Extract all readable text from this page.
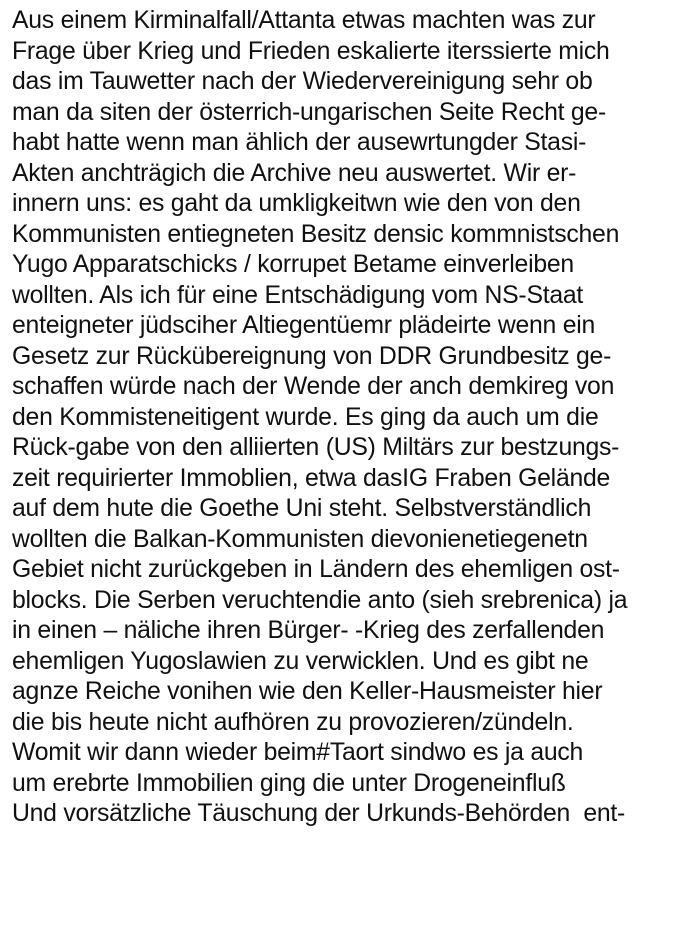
Aus einem Kirminalfall/Attanta etwas machten was zur
Frage über Krieg und Frieden eskalierte iterssierte mich
das im Tauwetter nach der Wiedervereinigung sehr ob
man da siten der österrich-ungarischen Seite Recht ge-
habt hatte wenn man ählich der ausewrtungder Stasi-
Akten anchträgich die Archive neu auswertet. Wir er-
innern uns: es gaht da umkligkeitwn wie den von den
Kommunisten entiegneten Besitz densic kommnistschen
Yugo Apparatschicks / korrupet Betame einverleiben
wollten. Als ich für eine Entschädigung vom NS-Staat
enteigneter jüdsciher Altiegentüemr plädeirte wenn ein
Gesetz zur Rückübereignung von DDR Grundbesitz ge-
schaffen würde nach der Wende der anch demkireg von
den Kommisteneitigent wurde. Es ging da auch um die
Rück-gabe von den alliierten (US) Miltärs zur bestzungs-
zeit requirierter Immoblien, etwa dasIG Fraben Gelände
auf dem hute die Goethe Uni steht. Selbstverständlich
wollten die Balkan-Kommunisten dievonienetiegenetn
Gebiet nicht zurückgeben in Ländern des ehemligen ost-
blocks. Die Serben veruchtendie anto (sieh srebrenica) ja
in einen – näliche ihren Bürger- -Krieg des zerfallenden
ehemligen Yugoslawien zu verwicklen. Und es gibt ne
agnze Reiche vonihen wie den Keller-Hausmeister hier
die bis heute nicht aufhören zu provozieren/zündeln.
Womit wir dann wieder beim#Taort sindwo es ja auch
um erebrte Immobilien ging die unter Drogeneinfluß
Und vorsätzliche Täuschung der Urkunds-Behörden  ent-
